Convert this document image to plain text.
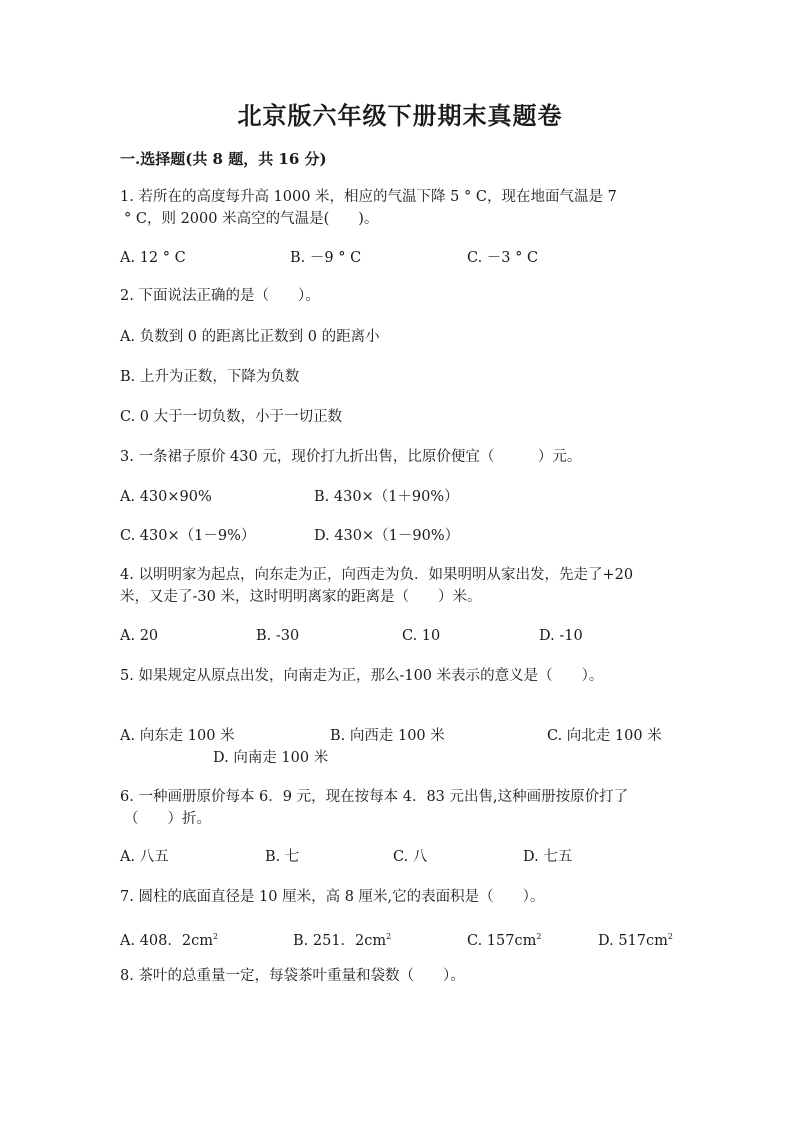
北京版六年级下册期末真题卷
一.选择题(共 8 题，共 16 分)
1. 若所在的高度每升高 1000 米，相应的气温下降 5 ° C，现在地面气温是 7
° C，则 2000 米高空的气温是(　　)。
A. 12 ° C	B. －9 ° C	C. －3 ° C
2. 下面说法正确的是（　　）。
A. 负数到 0 的距离比正数到 0 的距离小
B. 上升为正数，下降为负数
C. 0 大于一切负数，小于一切正数
3. 一条裙子原价 430 元，现价打九折出售，比原价便宜（　　　）元。
A. 430×90%	B. 430×（1＋90%）
C. 430×（1－9%）	D. 430×（1－90%）
4. 以明明家为起点，向东走为正，向西走为负．如果明明从家出发，先走了+20
米，又走了-30 米，这时明明离家的距离是（　　）米。
A. 20	B. -30	C. 10	D. -10
5. 如果规定从原点出发，向南走为正，那么-100 米表示的意义是（　　）。
A. 向东走 100 米	B. 向西走 100 米	C. 向北走 100 米
D. 向南走 100 米
6. 一种画册原价每本 6．9 元，现在按每本 4．83 元出售,这种画册按原价打了
（　　）折。
A. 八五	B. 七	C. 八	D. 七五
7. 圆柱的底面直径是 10 厘米，高 8 厘米,它的表面积是（　　）。
A. 408．$2cm^2$	B. 251．$2cm^2$	C. $157cm^2$	D. $517cm^2$
8. 茶叶的总重量一定，每袋茶叶重量和袋数（　　）。
